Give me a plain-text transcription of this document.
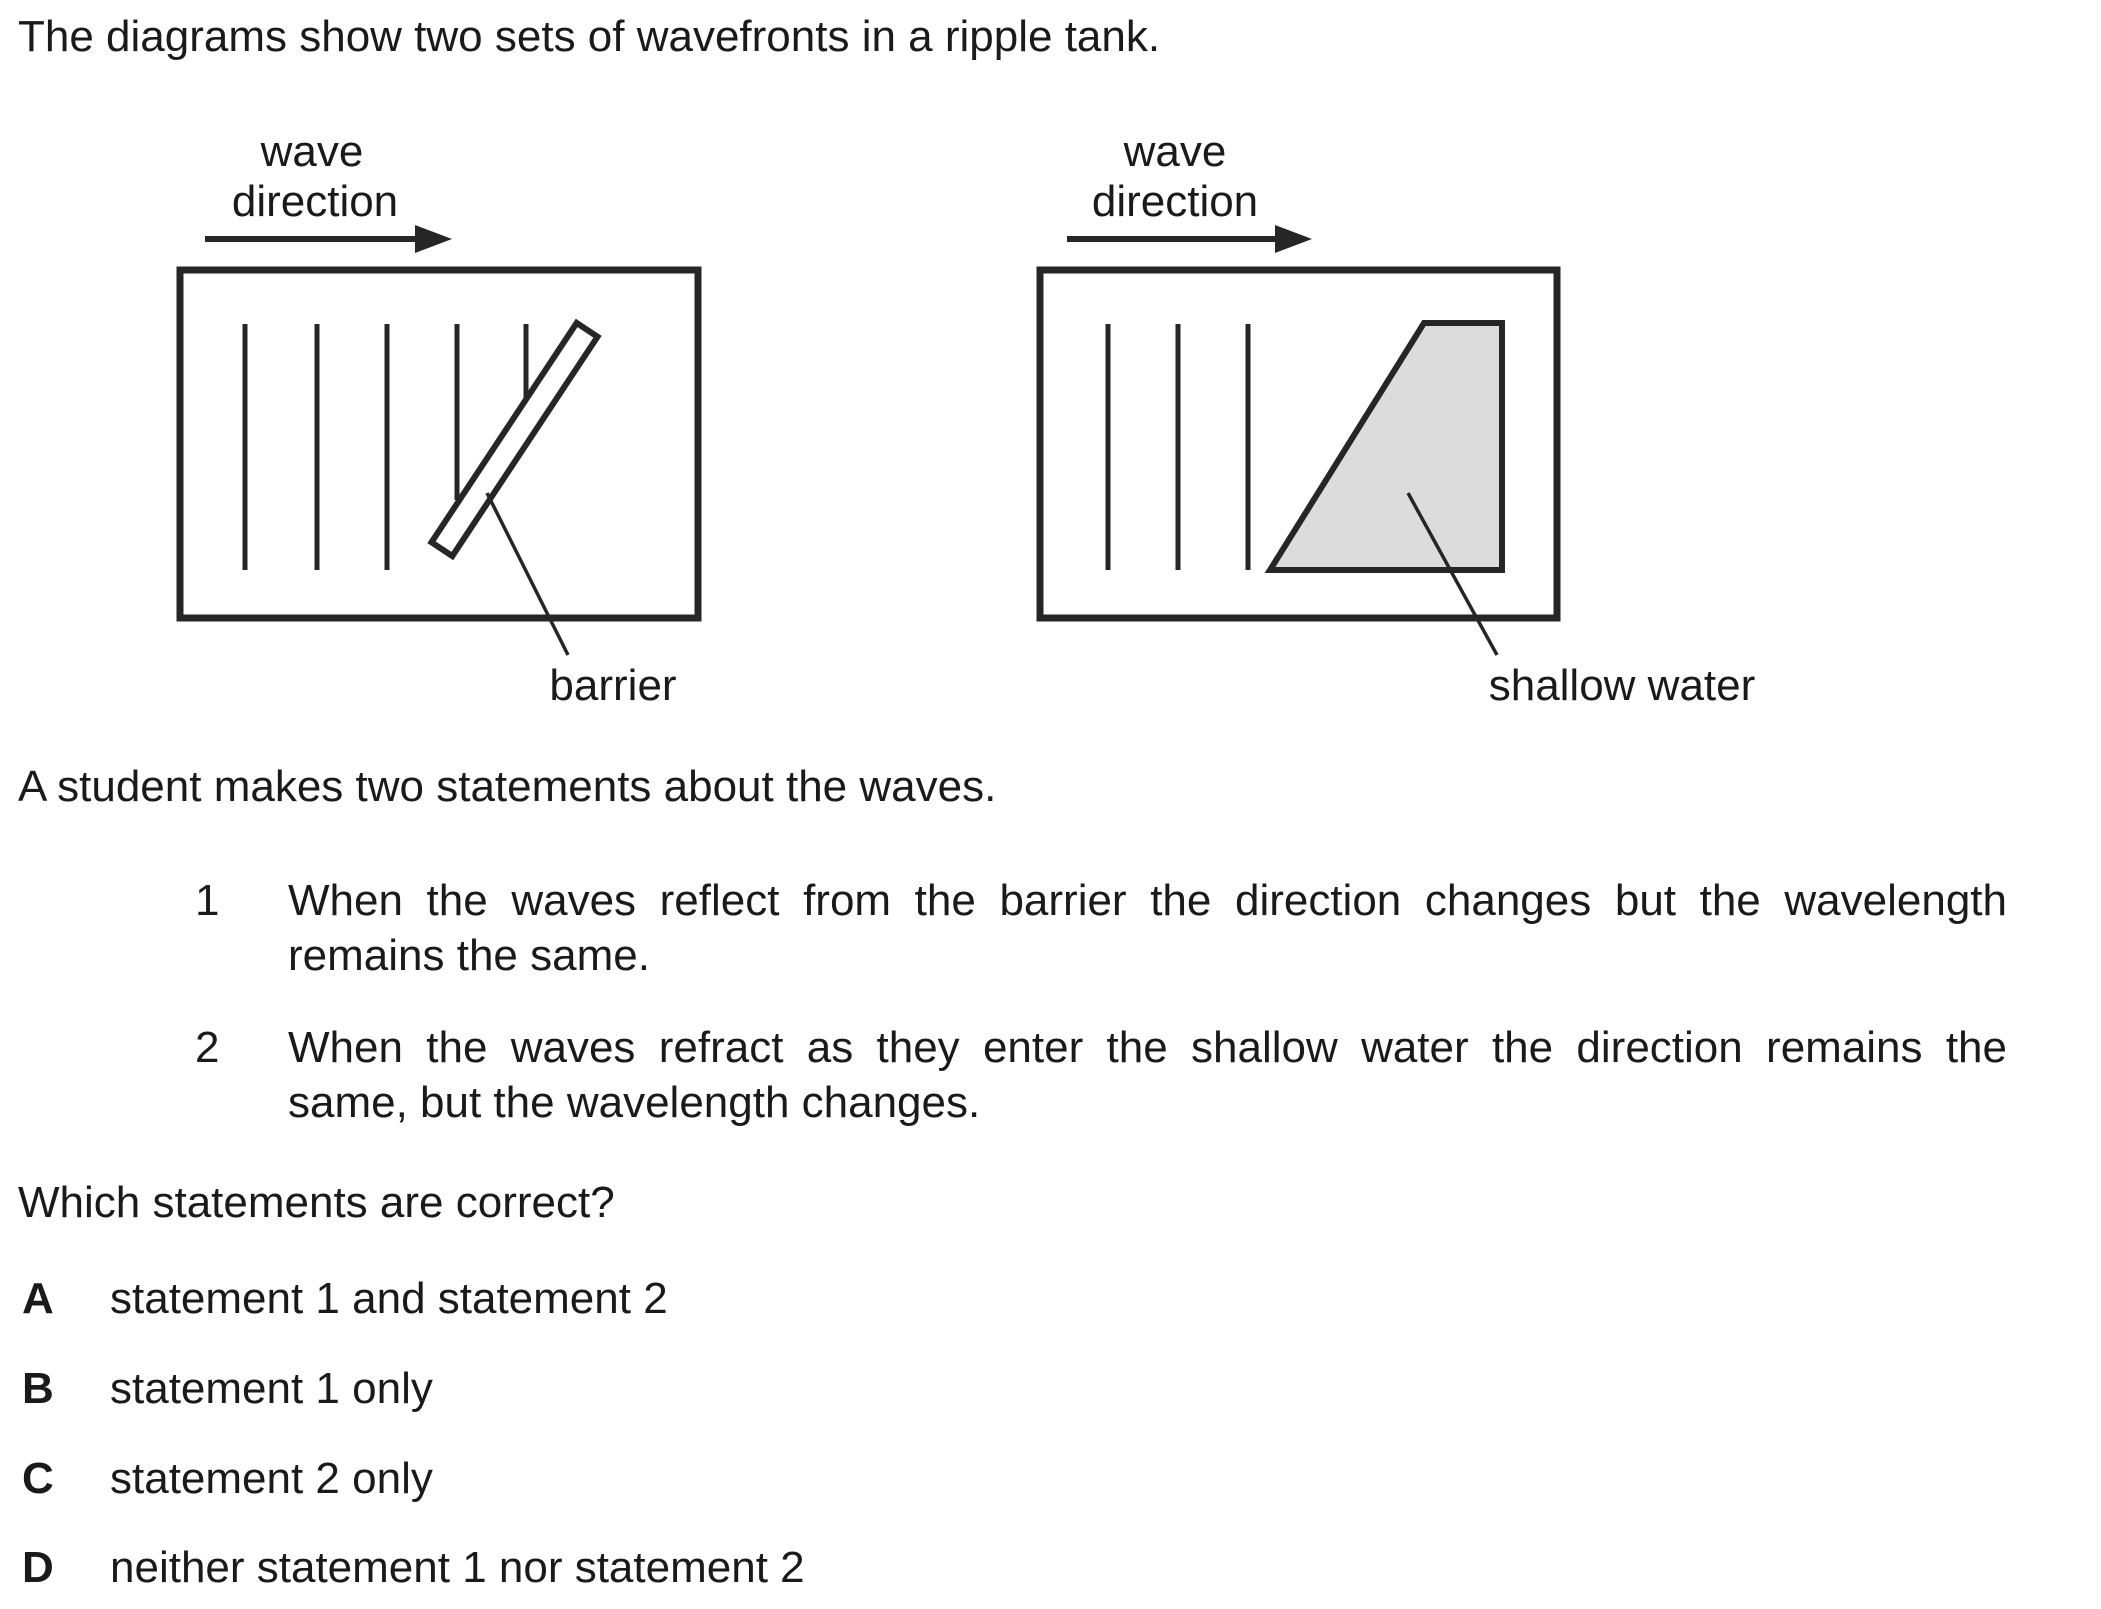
The diagrams show two sets of wavefronts in a ripple tank.
wave
direction
barrier
wave
direction
shallow water
A student makes two statements about the waves.
1 When the waves reflect from the barrier the direction changes but the wavelength
remains the same.
2 When the waves refract as they enter the shallow water the direction remains the
same, but the wavelength changes.
Which statements are correct?
A statement 1 and statement 2
B statement 1 only
C statement 2 only
D neither statement 1 nor statement 2
